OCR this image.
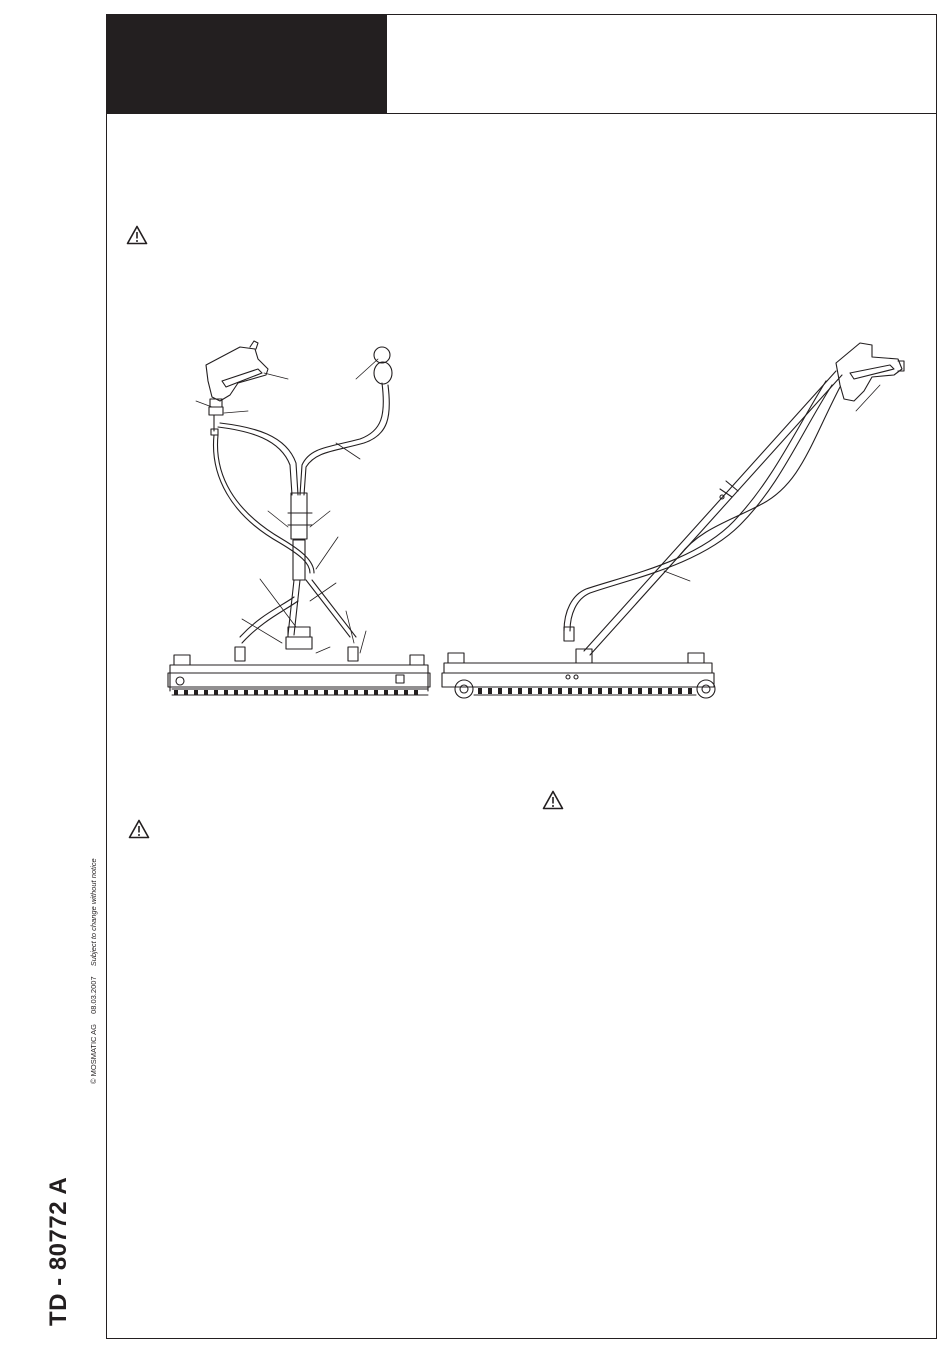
TD - 80772 A
© MOSMATIC AG 08.03.2007 Subject to change without notice
